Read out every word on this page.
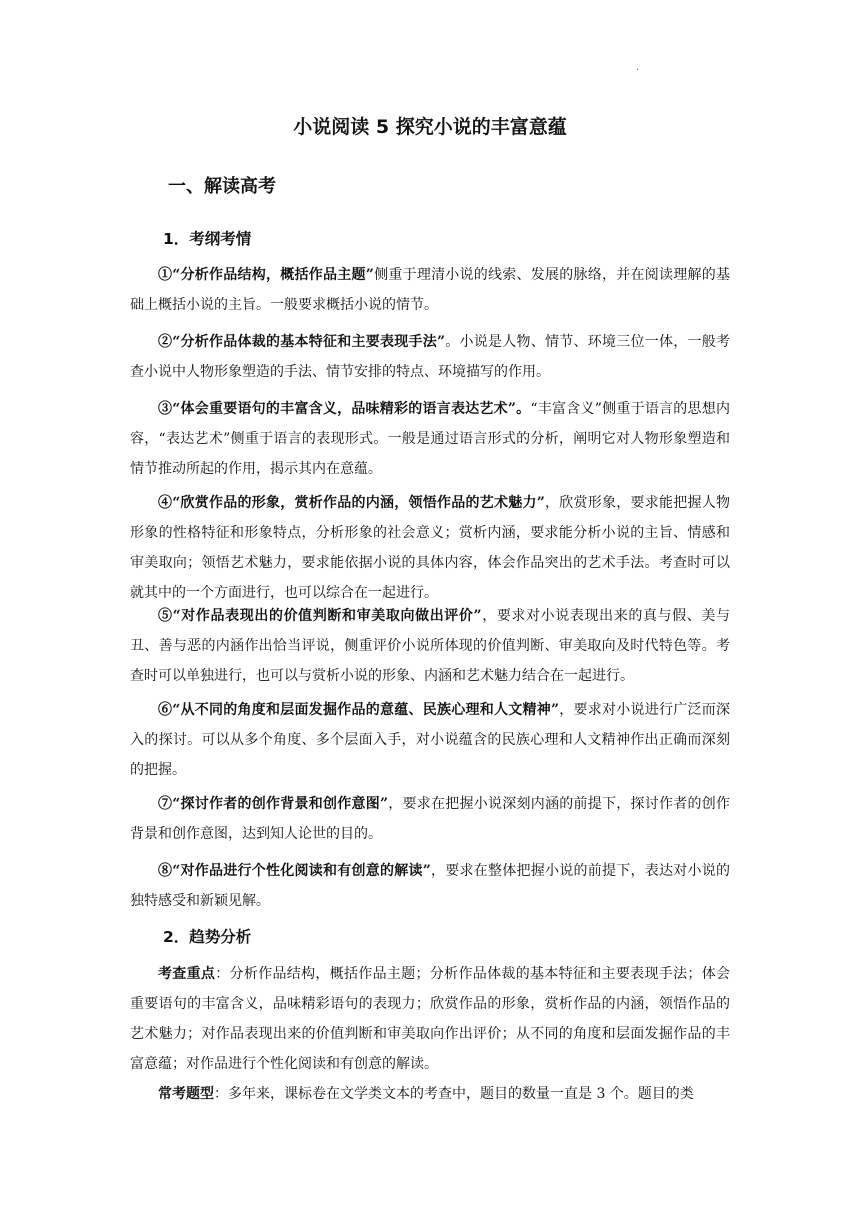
·
小说阅读 5 探究小说的丰富意蕴
一、解读高考
1．考纲考情

①“分析作品结构，概括作品主题”侧重于理清小说的线索、发展的脉络，并在阅读理解的基础上概括小说的主旨。一般要求概括小说的情节。

②“分析作品体裁的基本特征和主要表现手法”。小说是人物、情节、环境三位一体，一般考查小说中人物形象塑造的手法、情节安排的特点、环境描写的作用。

③“体会重要语句的丰富含义，品味精彩的语言表达艺术”。“丰富含义”侧重于语言的思想内容，“表达艺术”侧重于语言的表现形式。一般是通过语言形式的分析，阐明它对人物形象塑造和情节推动所起的作用，揭示其内在意蕴。

④“欣赏作品的形象，赏析作品的内涵，领悟作品的艺术魅力”，欣赏形象，要求能把握人物形象的性格特征和形象特点，分析形象的社会意义；赏析内涵，要求能分析小说的主旨、情感和审美取向；领悟艺术魅力，要求能依据小说的具体内容，体会作品突出的艺术手法。考查时可以就其中的一个方面进行，也可以综合在一起进行。

⑤“对作品表现出的价值判断和审美取向做出评价”，要求对小说表现出来的真与假、美与丑、善与恶的内涵作出恰当评说，侧重评价小说所体现的价值判断、审美取向及时代特色等。考查时可以单独进行，也可以与赏析小说的形象、内涵和艺术魅力结合在一起进行。

⑥“从不同的角度和层面发掘作品的意蕴、民族心理和人文精神”，要求对小说进行广泛而深入的探讨。可以从多个角度、多个层面入手，对小说蕴含的民族心理和人文精神作出正确而深刻的把握。

⑦“探讨作者的创作背景和创作意图”，要求在把握小说深刻内涵的前提下，探讨作者的创作背景和创作意图，达到知人论世的目的。

⑧“对作品进行个性化阅读和有创意的解读”，要求在整体把握小说的前提下，表达对小说的独特感受和新颖见解。

2．趋势分析

考查重点：分析作品结构，概括作品主题；分析作品体裁的基本特征和主要表现手法；体会重要语句的丰富含义，品味精彩语句的表现力；欣赏作品的形象，赏析作品的内涵，领悟作品的艺术魅力；对作品表现出来的价值判断和审美取向作出评价；从不同的角度和层面发掘作品的丰富意蕴；对作品进行个性化阅读和有创意的解读。

常考题型：多年来，课标卷在文学类文本的考查中，题目的数量一直是 3 个。题目的类
